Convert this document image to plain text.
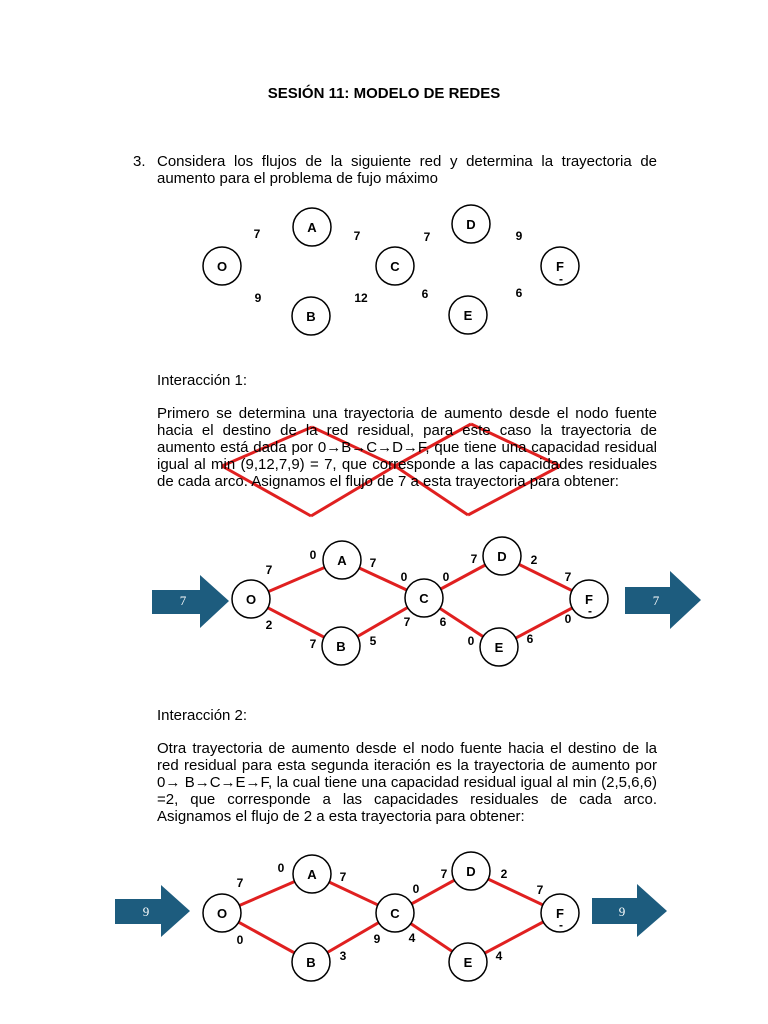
SESIÓN 11: MODELO DE REDES
3. Considera los flujos de la siguiente red y determina la trayectoria de aumento para el problema de fujo máximo
O
A
B
C
D
E
F
-
7
9
7
12
7
6
9
6
Interacción 1:
Primero se determina una trayectoria de aumento desde el nodo fuente hacia el destino de la red residual, para este caso la trayectoria de aumento está dada por 0→B→C→D→F, que tiene una capacidad residual igual al min (9,12,7,9) = 7, que corresponde a las capacidades residuales de cada arco. Asignamos el flujo de 7 a esta trayectoria para obtener:
7	7
O
A
B
C
D
E
F
-
0
7	7
0	0
2
7	5
7 6
0
7	2
6
7
0
Interacción 2:
Otra trayectoria de aumento desde el nodo fuente hacia el destino de la red residual para esta segunda iteración es la trayectoria de aumento por 0→ B→C→E→F, la cual tiene una capacidad residual igual al min (2,5,6,6) =2, que corresponde a las capacidades residuales de cada arco. Asignamos el flujo de 2 a esta trayectoria para obtener:
9	9
O
A
B
C
D
E
F
-
0
7	7
0
3
9
0	4
7	2
7
4
